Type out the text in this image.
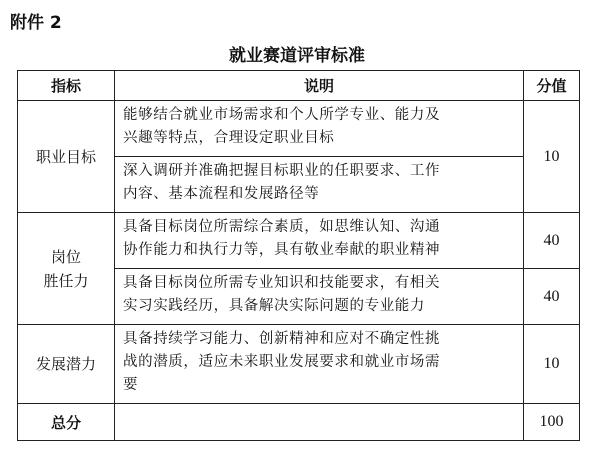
附件 2
就业赛道评审标准
指标	说明	分值

职业目标	能够结合就业市场需求和个人所学专业、能力及
兴趣等特点，合理设定职业目标	10

	深入调研并准确把握目标职业的任职要求、工作
内容、基本流程和发展路径等	

岗位
胜任力	具备目标岗位所需综合素质，如思维认知、沟通
协作能力和执行力等，具有敬业奉献的职业精神	40

	具备目标岗位所需专业知识和技能要求，有相关
实习实践经历，具备解决实际问题的专业能力	40

发展潜力	具备持续学习能力、创新精神和应对不确定性挑
战的潜质，适应未来职业发展要求和就业市场需
要	10
总分		100
